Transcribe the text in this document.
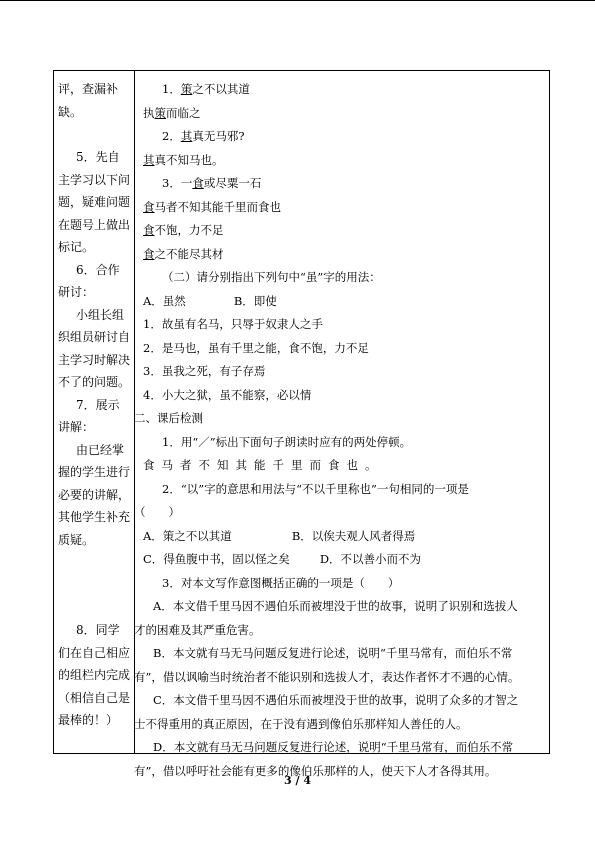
评，查漏补

缺。

5．先自

主学习以下问

题，疑难问题

在题号上做出

标记。

6．合作

研讨：

小组长组

织组员研讨自

主学习时解决

不了的问题。

7．展示

讲解：

由已经掌

握的学生进行

必要的讲解，

其他学生补充

质疑。

8．同学

们在自己相应

的组栏内完成

（相信自己是

最棒的！）

1．策之不以其道

执策而临之

2．其真无马邪?

其真不知马也。

3．一食或尽粟一石

食马者不知其能千里而食也

食不饱，力不足

食之不能尽其材

（二）请分别指出下列句中“虽”字的用法：

A．虽然	B．即使

1．故虽有名马，只辱于奴隶人之手

2．是马也，虽有千里之能，食不饱，力不足

3．虽我之死，有子存焉

4．小大之狱，虽不能察，必以情

二、课后检测

1．用“／”标出下面句子朗读时应有的两处停顿。

食马者不知其能千里而食也。

2．“以”字的意思和用法与“不以千里称也”一句相同的一项是

（　　）

A．策之不以其道	B．以俟夫观人风者得焉

C．得鱼腹中书，固以怪之矣	D．不以善小而不为

3．对本文写作意图概括正确的一项是（　　）

A．本文借千里马因不遇伯乐而被埋没于世的故事，说明了识别和选拔人

才的困难及其严重危害。

B．本文就有马无马问题反复进行论述，说明“千里马常有，而伯乐不常

有”，借以讽喻当时统治者不能识别和选拔人才，表达作者怀才不遇的心情。

C．本文借千里马因不遇伯乐而被埋没于世的故事，说明了众多的才智之

士不得重用的真正原因，在于没有遇到像伯乐那样知人善任的人。

D．本文就有马无马问题反复进行论述，说明“千里马常有，而伯乐不常

有”，借以呼吁社会能有更多的像伯乐那样的人，使天下人才各得其用。

3 / 4
